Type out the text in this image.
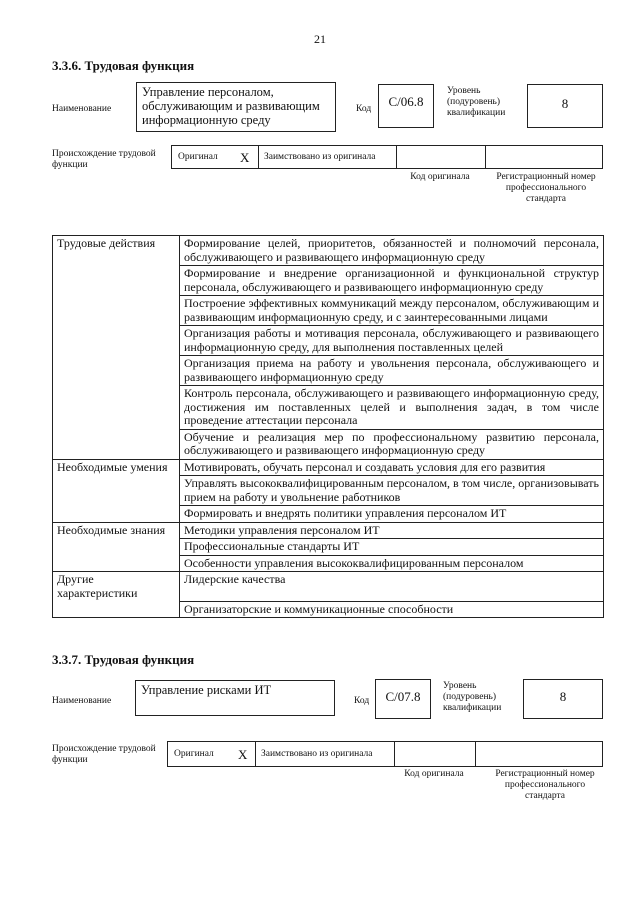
21
3.3.6. Трудовая функция
Наименование
Управление персоналом, обслуживающим и развивающим информационную среду
Код	C/06.8
Уровень (подуровень) квалификации
8
Происхождение трудовой функции
Оригинал X Заимствовано из оригинала
Код оригинала	Регистрационный номер профессионального стандарта
Трудовые действия	Формирование целей, приоритетов, обязанностей и полномочий персонала, обслуживающего и развивающего информационную среду
	Формирование и внедрение организационной и функциональной структур персонала, обслуживающего и развивающего информационную среду
	Построение эффективных коммуникаций между персоналом, обслуживающим и развивающим информационную среду, и с заинтересованными лицами
	Организация работы и мотивация персонала, обслуживающего и развивающего информационную среду, для выполнения поставленных целей
	Организация приема на работу и увольнения персонала, обслуживающего и развивающего информационную среду
	Контроль персонала, обслуживающего и развивающего информационную среду, достижения им поставленных целей и выполнения задач, в том числе проведение аттестации персонала
	Обучение и реализация мер по профессиональному развитию персонала, обслуживающего и развивающего информационную среду
Необходимые умения	Мотивировать, обучать персонал и создавать условия для его развития
	Управлять высококвалифицированным персоналом, в том числе, организовывать прием на работу и увольнение работников
	Формировать и внедрять политики управления персоналом ИТ
Необходимые знания	Методики управления персоналом ИТ
	Профессиональные стандарты ИТ
	Особенности управления высококвалифицированным персоналом
Другие характеристики	Лидерские качества
	Организаторские и коммуникационные способности
3.3.7. Трудовая функция
Наименование
Управление рисками ИТ
Код	C/07.8
Уровень (подуровень) квалификации
8
Происхождение трудовой функции
Оригинал X Заимствовано из оригинала
Код оригинала	Регистрационный номер профессионального стандарта
